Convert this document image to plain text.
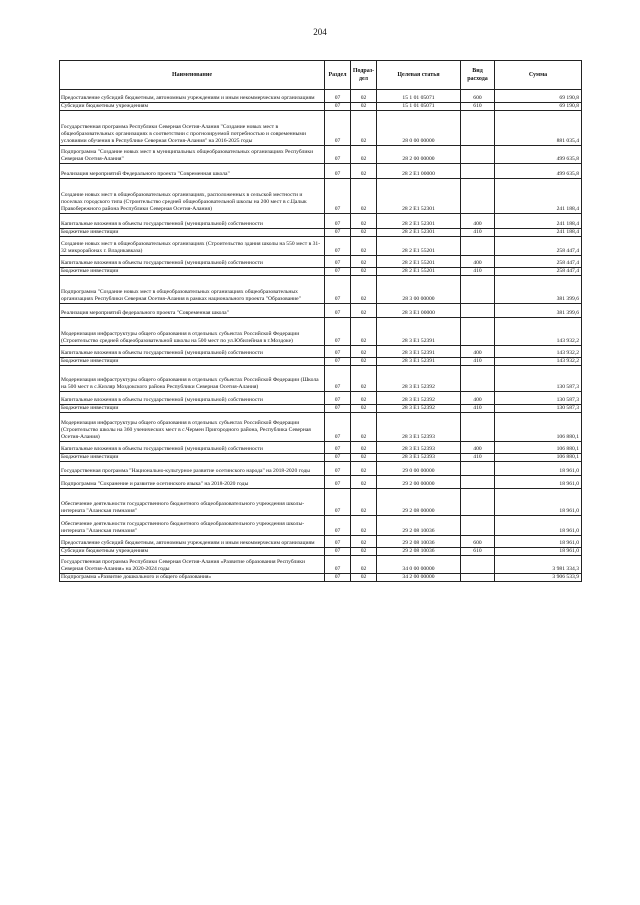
204
Наименование	Раздел	Подраз-дел	Целевая статья	Вид расхода	Сумма
Предоставление субсидий бюджетным, автономным учреждениям и иным некоммерческим организациям	07	02	15 1 01 05071	600	69 190,8
Субсидии бюджетным учреждениям	07	02	15 1 01 05071	610	69 190,8
Государственная программа Республики Северная Осетия-Алания "Создание новых мест в общеобразовательных организациях в соответствии с прогнозируемой потребностью и современными условиями обучения в Республике Северная Осетия-Алания" на 2016-2025 годы	07	02	28 0 00 00000		881 035,4
Подпрограмма "Создание новых мест в муниципальных общеобразовательных организациях Республики Северная Осетия-Алания"	07	02	28 2 00 00000		499 635,8
Реализация мероприятий Федерального проекта "Современная школа"	07	02	28 2 Е1 00000		499 635,8
Создание новых мест в общеобразовательных организациях, расположенных в сельской местности и поселках городского типа (Строительство средней общеобразовательной школы на 200 мест в с.Цалык Правобережного района Республики Северная Осетия-Алания)	07	02	28 2 Е1 52301		241 188,4
Капитальные вложения в объекты государственной (муниципальной) собственности	07	02	28 2 Е1 52301	400	241 188,4
Бюджетные инвестиции	07	02	28 2 Е1 52301	410	241 188,4
Создание новых мест в общеобразовательных организациях (Строительство здания школы на 550 мест в 31-32 микрорайонах г. Владикавказа)	07	02	28 2 Е1 55201		258 447,4
Капитальные вложения в объекты государственной (муниципальной) собственности	07	02	28 2 Е1 55201	400	258 447,4
Бюджетные инвестиции	07	02	28 2 Е1 55201	410	258 447,4
Подпрограмма "Создание новых мест в общеобразовательных организациях общеобразовательных организациях Республики Северная Осетия-Алания в рамках национального проекта "Образование"	07	02	28 3 00 00000		381 399,6
Реализация мероприятий федерального проекта "Современная школа"	07	02	28 3 Е1 00000		381 399,6
Модернизация инфраструктуры общего образования в отдельных субъектах Российской Федерации (Строительство средней общеобразовательной школы на 500 мест по ул.Юбилейная в г.Моздоке)	07	02	28 3 Е1 52391		143 932,2
Капитальные вложения в объекты государственной (муниципальной) собственности	07	02	28 3 Е1 52391	400	143 932,2
Бюджетные инвестиции	07	02	28 3 Е1 52391	410	143 932,2
Модернизация инфраструктуры общего образования в отдельных субъектах Российской Федерации (Школа на 500 мест в с.Кизляр Моздокского района Республики Северная Осетия-Алания)	07	02	28 3 Е1 52392		130 587,3
Капитальные вложения в объекты государственной (муниципальной) собственности	07	02	28 3 Е1 52392	400	130 587,3
Бюджетные инвестиции	07	02	28 3 Е1 52392	410	130 587,3
Модернизация инфраструктуры общего образования в отдельных субъектах Российской Федерации (Строительство школы на 360 ученических мест в с.Чермен Пригородного района, Республика Северная Осетия-Алания)	07	02	28 3 Е1 52393		106 880,1
Капитальные вложения в объекты государственной (муниципальной) собственности	07	02	28 3 Е1 52393	400	106 880,1
Бюджетные инвестиции	07	02	28 3 Е1 52393	410	106 880,1
Государственная программа "Национально-культурное развитие осетинского народа" на 2018-2020 годы	07	02	29 0 00 00000		18 961,0
Подпрограмма "Сохранение и развитие осетинского языка" на 2018-2020 годы	07	02	29 2 00 00000		18 961,0
Обеспечение деятельности государственного бюджетного общеобразовательного учреждения школы-интерната "Аланская гимназия"	07	02	29 2 08 00000		18 961,0
Обеспечение деятельности государственного бюджетного общеобразовательного учреждения школы-интерната "Аланская гимназия"	07	02	29 2 08 10036		18 961,0
Предоставление субсидий бюджетным, автономным учреждениям и иным некоммерческим организациям	07	02	29 2 08 10036	600	18 961,0
Субсидии бюджетным учреждениям	07	02	29 2 08 10036	610	18 961,0
Государственная программа Республики Северная Осетия-Алания «Развитие образования Республики Северная Осетия-Алания» на 2020-2024 годы	07	02	34 0 00 00000		3 981 334,3
Подпрограмма «Развитие дошкольного и общего образования»	07	02	34 2 00 00000		3 906 533,9
